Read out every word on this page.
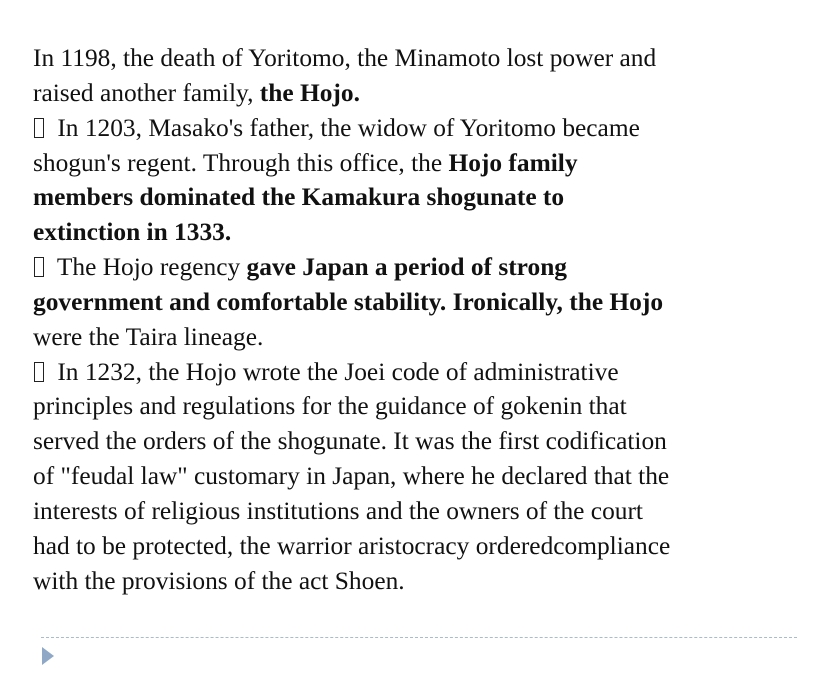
In 1198, the death of Yoritomo, the Minamoto lost power and
raised another family, the Hojo.
In 1203, Masako's father, the widow of Yoritomo became
shogun's regent. Through this office, the Hojo family
members dominated the Kamakura shogunate to
extinction in 1333.
The Hojo regency gave Japan a period of strong
government and comfortable stability. Ironically, the Hojo
were the Taira lineage.
In 1232, the Hojo wrote the Joei code of administrative
principles and regulations for the guidance of gokenin that
served the orders of the shogunate. It was the first codification
of "feudal law" customary in Japan, where he declared that the
interests of religious institutions and the owners of the court
had to be protected, the warrior aristocracy orderedcompliance
with the provisions of the act Shoen.
